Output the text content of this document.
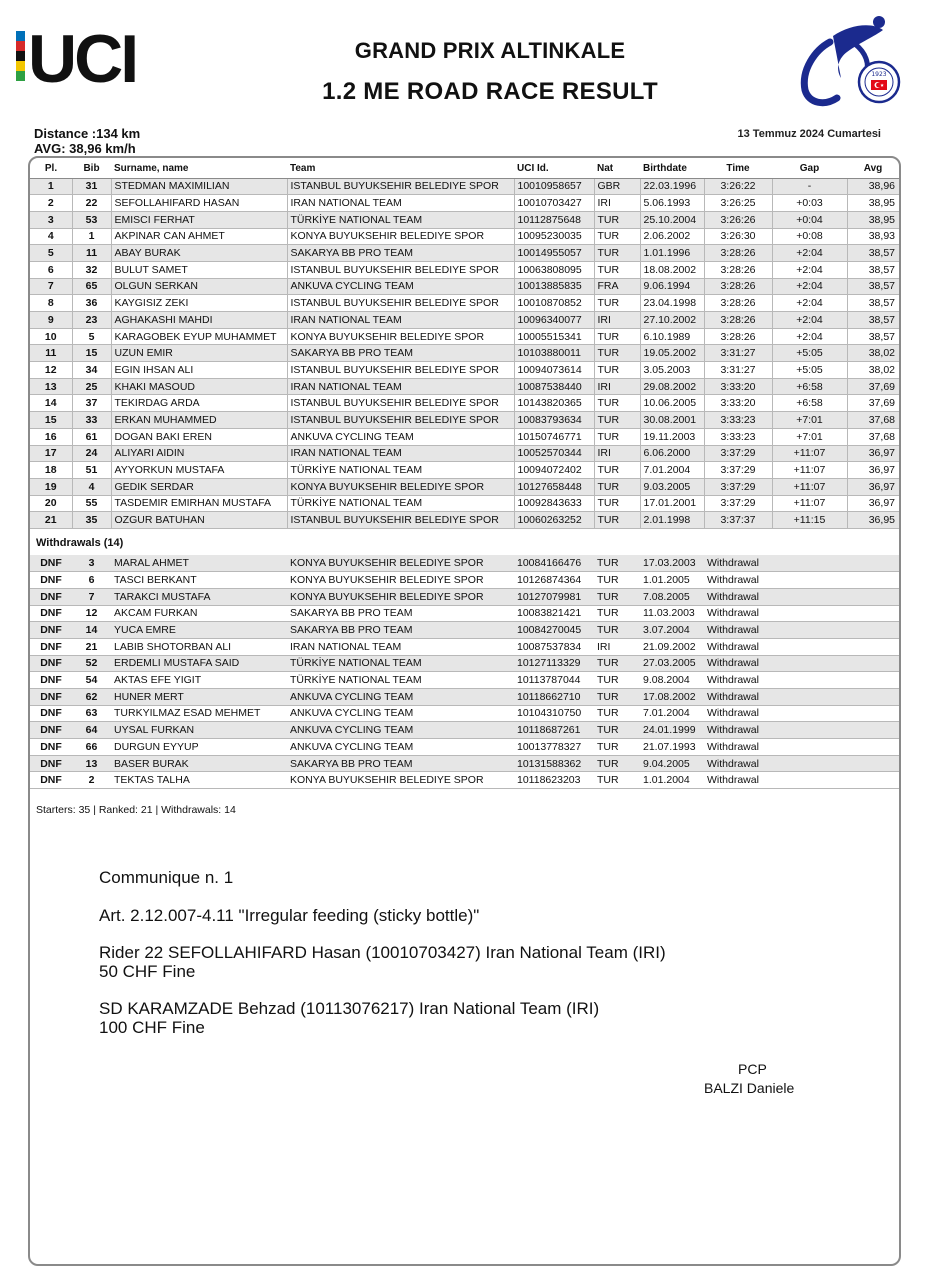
UCI	1923
GRAND PRIX ALTINKALE
1.2 ME ROAD RACE RESULT
Distance :134 km
AVG: 38,96 km/h
13 Temmuz 2024 Cumartesi
Pl.	Bib	Surname, name	Team	UCI Id.	Nat	Birthdate	Time	Gap	Avg
1	31	STEDMAN MAXIMILIAN	ISTANBUL BUYUKSEHIR BELEDIYE SPOR	10010958657	GBR	22.03.1996	3:26:22	-	38,96
2	22	SEFOLLAHIFARD HASAN	IRAN NATIONAL TEAM	10010703427	IRI	5.06.1993	3:26:25	+0:03	38,95
3	53	EMISCI FERHAT	TÜRKİYE NATIONAL TEAM	10112875648	TUR	25.10.2004	3:26:26	+0:04	38,95
4	1	AKPINAR CAN AHMET	KONYA BUYUKSEHIR BELEDIYE SPOR	10095230035	TUR	2.06.2002	3:26:30	+0:08	38,93
5	11	ABAY BURAK	SAKARYA BB PRO TEAM	10014955057	TUR	1.01.1996	3:28:26	+2:04	38,57
6	32	BULUT SAMET	ISTANBUL BUYUKSEHIR BELEDIYE SPOR	10063808095	TUR	18.08.2002	3:28:26	+2:04	38,57
7	65	OLGUN SERKAN	ANKUVA CYCLING TEAM	10013885835	FRA	9.06.1994	3:28:26	+2:04	38,57
8	36	KAYGISIZ ZEKI	ISTANBUL BUYUKSEHIR BELEDIYE SPOR	10010870852	TUR	23.04.1998	3:28:26	+2:04	38,57
9	23	AGHAKASHI MAHDI	IRAN NATIONAL TEAM	10096340077	IRI	27.10.2002	3:28:26	+2:04	38,57
10	5	KARAGOBEK EYUP MUHAMMET	KONYA BUYUKSEHIR BELEDIYE SPOR	10005515341	TUR	6.10.1989	3:28:26	+2:04	38,57
11	15	UZUN EMIR	SAKARYA BB PRO TEAM	10103880011	TUR	19.05.2002	3:31:27	+5:05	38,02
12	34	EGIN IHSAN ALI	ISTANBUL BUYUKSEHIR BELEDIYE SPOR	10094073614	TUR	3.05.2003	3:31:27	+5:05	38,02
13	25	KHAKI MASOUD	IRAN NATIONAL TEAM	10087538440	IRI	29.08.2002	3:33:20	+6:58	37,69
14	37	TEKIRDAG ARDA	ISTANBUL BUYUKSEHIR BELEDIYE SPOR	10143820365	TUR	10.06.2005	3:33:20	+6:58	37,69
15	33	ERKAN MUHAMMED	ISTANBUL BUYUKSEHIR BELEDIYE SPOR	10083793634	TUR	30.08.2001	3:33:23	+7:01	37,68
16	61	DOGAN BAKI EREN	ANKUVA CYCLING TEAM	10150746771	TUR	19.11.2003	3:33:23	+7:01	37,68
17	24	ALIYARI AIDIN	IRAN NATIONAL TEAM	10052570344	IRI	6.06.2000	3:37:29	+11:07	36,97
18	51	AYYORKUN MUSTAFA	TÜRKİYE NATIONAL TEAM	10094072402	TUR	7.01.2004	3:37:29	+11:07	36,97
19	4	GEDIK SERDAR	KONYA BUYUKSEHIR BELEDIYE SPOR	10127658448	TUR	9.03.2005	3:37:29	+11:07	36,97
20	55	TASDEMIR EMIRHAN MUSTAFA	TÜRKİYE NATIONAL TEAM	10092843633	TUR	17.01.2001	3:37:29	+11:07	36,97
21	35	OZGUR BATUHAN	ISTANBUL BUYUKSEHIR BELEDIYE SPOR	10060263252	TUR	2.01.1998	3:37:37	+11:15	36,95
Withdrawals (14)
DNF	3	MARAL AHMET	KONYA BUYUKSEHIR BELEDIYE SPOR	10084166476	TUR	17.03.2003	Withdrawal		
DNF	6	TASCI BERKANT	KONYA BUYUKSEHIR BELEDIYE SPOR	10126874364	TUR	1.01.2005	Withdrawal		
DNF	7	TARAKCI MUSTAFA	KONYA BUYUKSEHIR BELEDIYE SPOR	10127079981	TUR	7.08.2005	Withdrawal		
DNF	12	AKCAM FURKAN	SAKARYA BB PRO TEAM	10083821421	TUR	11.03.2003	Withdrawal		
DNF	14	YUCA EMRE	SAKARYA BB PRO TEAM	10084270045	TUR	3.07.2004	Withdrawal		
DNF	21	LABIB SHOTORBAN ALI	IRAN NATIONAL TEAM	10087537834	IRI	21.09.2002	Withdrawal		
DNF	52	ERDEMLI MUSTAFA SAID	TÜRKİYE NATIONAL TEAM	10127113329	TUR	27.03.2005	Withdrawal		
DNF	54	AKTAS EFE YIGIT	TÜRKİYE NATIONAL TEAM	10113787044	TUR	9.08.2004	Withdrawal		
DNF	62	HUNER MERT	ANKUVA CYCLING TEAM	10118662710	TUR	17.08.2002	Withdrawal		
DNF	63	TURKYILMAZ ESAD MEHMET	ANKUVA CYCLING TEAM	10104310750	TUR	7.01.2004	Withdrawal		
DNF	64	UYSAL FURKAN	ANKUVA CYCLING TEAM	10118687261	TUR	24.01.1999	Withdrawal		
DNF	66	DURGUN EYYUP	ANKUVA CYCLING TEAM	10013778327	TUR	21.07.1993	Withdrawal		
DNF	13	BASER BURAK	SAKARYA BB PRO TEAM	10131588362	TUR	9.04.2005	Withdrawal		
DNF	2	TEKTAS TALHA	KONYA BUYUKSEHIR BELEDIYE SPOR	10118623203	TUR	1.01.2004	Withdrawal		
Starters: 35 | Ranked: 21 | Withdrawals: 14
Communique n. 1
Art. 2.12.007-4.11 "Irregular feeding (sticky bottle)"
Rider 22 SEFOLLAHIFARD Hasan (10010703427) Iran National Team (IRI)
50 CHF Fine
SD KARAMZADE Behzad (10113076217) Iran National Team (IRI)
100 CHF Fine
PCP
BALZI Daniele
